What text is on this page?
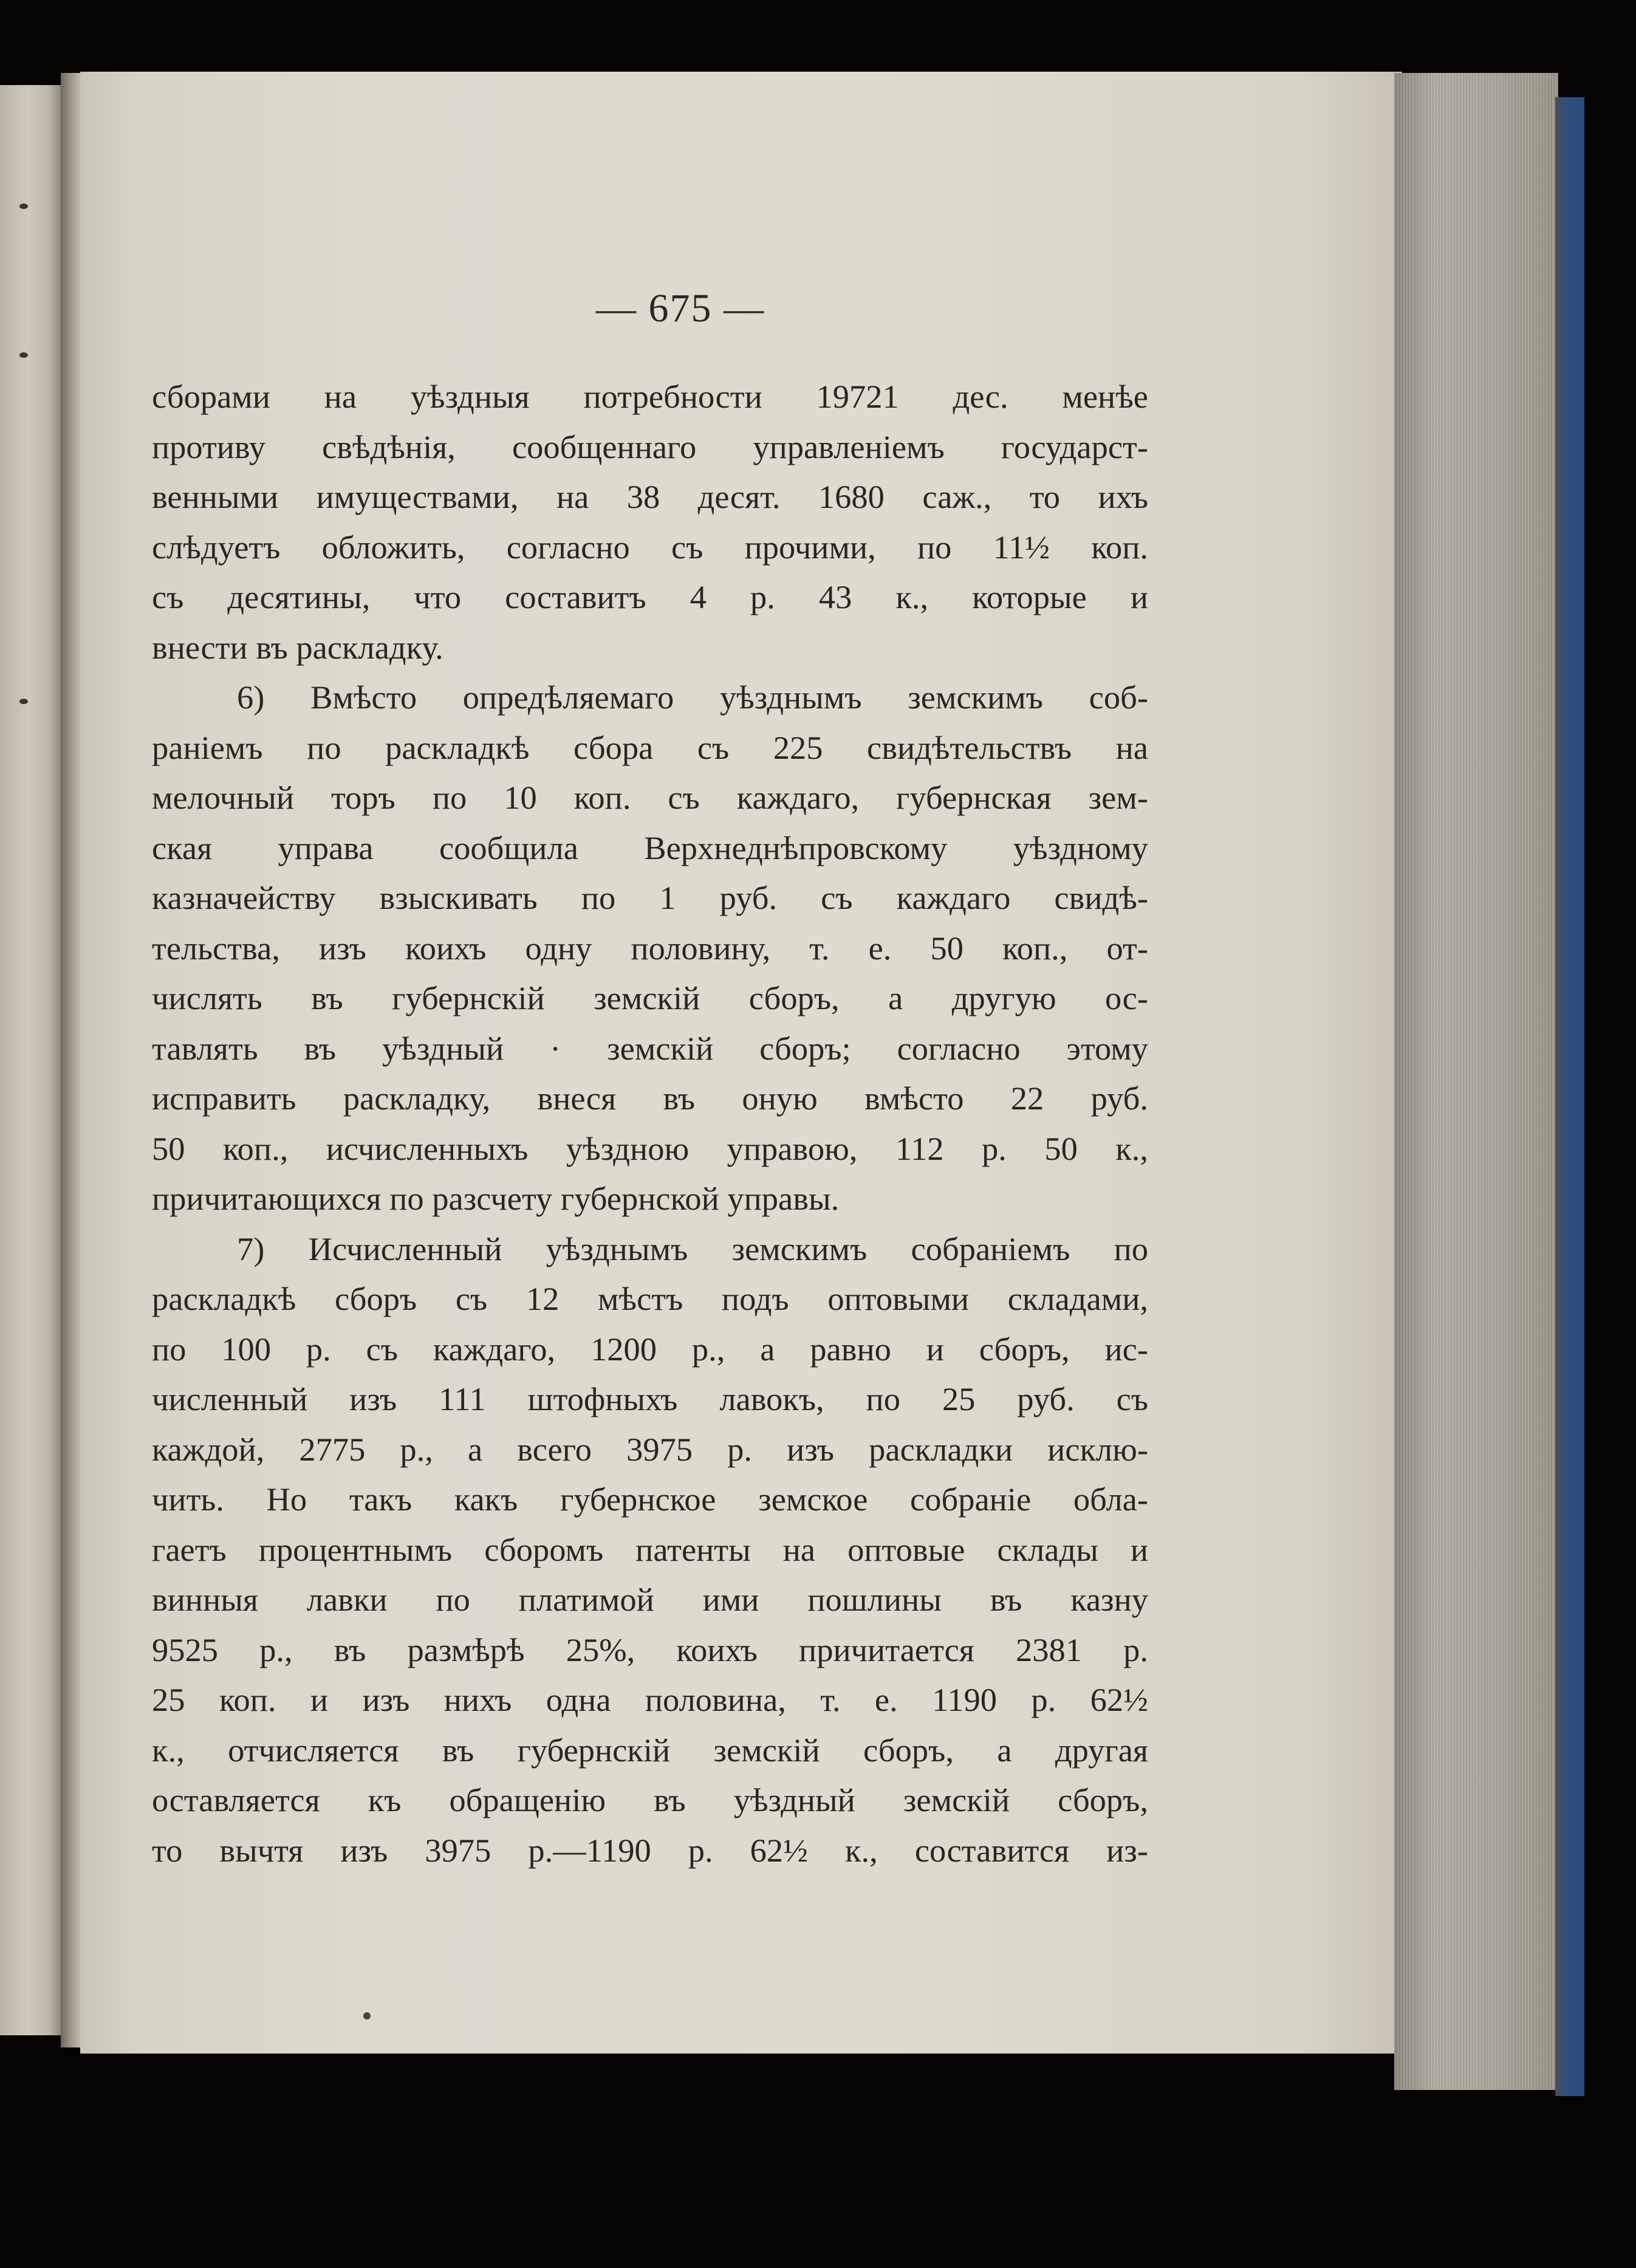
— 675 —
сборами на уѣздныя потребности 19721 дес. менѣе
противу свѣдѣнія, сообщеннаго управленіемъ государст-
венными имуществами, на 38 десят. 1680 саж., то ихъ
слѣдуетъ обложить, согласно съ прочими, по 11½ коп.
съ десятины, что составитъ 4 р. 43 к., которые и
внести въ раскладку.
6) Вмѣсто опредѣляемаго уѣзднымъ земскимъ соб-
раніемъ по раскладкѣ сбора съ 225 свидѣтельствъ на
мелочный торъ по 10 коп. съ каждаго, губернская зем-
ская управа сообщила Верхнеднѣпровскому уѣздному
казначейству взыскивать по 1 руб. съ каждаго свидѣ-
тельства, изъ коихъ одну половину, т. е. 50 коп., от-
числять въ губернскій земскій сборъ, а другую ос-
тавлять въ уѣздный · земскій сборъ; согласно этому
исправить раскладку, внеся въ оную вмѣсто 22 руб.
50 коп., исчисленныхъ уѣздною управою, 112 р. 50 к.,
причитающихся по разсчету губернской управы.
7) Исчисленный уѣзднымъ земскимъ собраніемъ по
раскладкѣ сборъ съ 12 мѣстъ подъ оптовыми складами,
по 100 р. съ каждаго, 1200 р., а равно и сборъ, ис-
численный изъ 111 штофныхъ лавокъ, по 25 руб. съ
каждой, 2775 р., а всего 3975 р. изъ раскладки исклю-
чить. Но такъ какъ губернское земское собраніе обла-
гаетъ процентнымъ сборомъ патенты на оптовые склады и
винныя лавки по платимой ими пошлины въ казну
9525 р., въ размѣрѣ 25%, коихъ причитается 2381 р.
25 коп. и изъ нихъ одна половина, т. е. 1190 р. 62½
к., отчисляется въ губернскій земскій сборъ, а другая
оставляется къ обращенію въ уѣздный земскій сборъ,
то вычтя изъ 3975 р.—1190 р. 62½ к., составится из-
